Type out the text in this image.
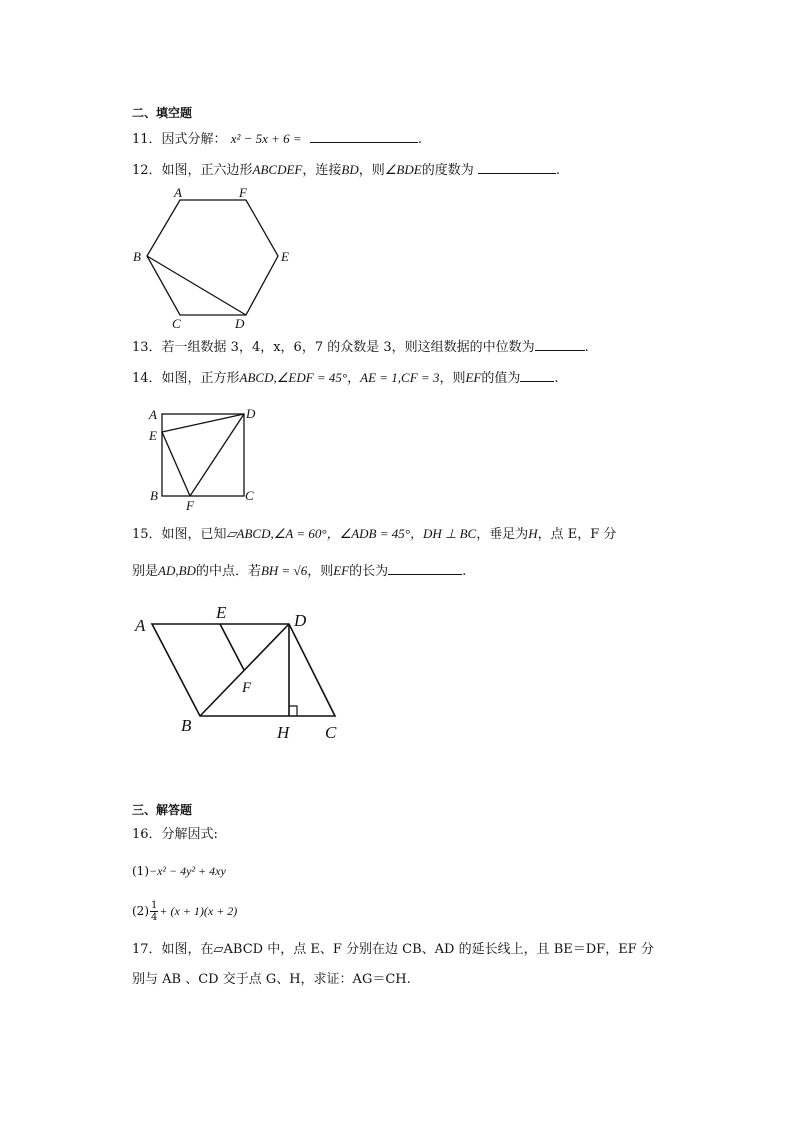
二、填空题
11．因式分解： x² − 5x + 6 =	.
12．如图，正六边形ABCDEF，连接BD，则∠BDE的度数为	.
A	F
B	E
C	D
13．若一组数据 3，4，x，6，7 的众数是 3，则这组数据的中位数为	.
14．如图，正方形ABCD,∠EDF = 45°，AE = 1,CF = 3，则EF的值为	.
A	D
E
B	C
F
15．如图，已知▱ABCD,∠A = 60°，∠ADB = 45°，DH ⊥ BC，垂足为H，点 E，F 分
别是AD,BD的中点．若BH = √6，则EF的长为	.
A
E	D
F
B	H C
三、解答题
16．分解因式:
(1)−x² − 4y² + 4xy
$(2) \frac{1}{4} + (x + 1)(x + 2)$
17．如图，在▱ABCD 中，点 E、F 分别在边 CB、AD 的延长线上，且 BE＝DF，EF 分
别与 AB 、CD 交于点 G、H，求证：AG＝CH.
